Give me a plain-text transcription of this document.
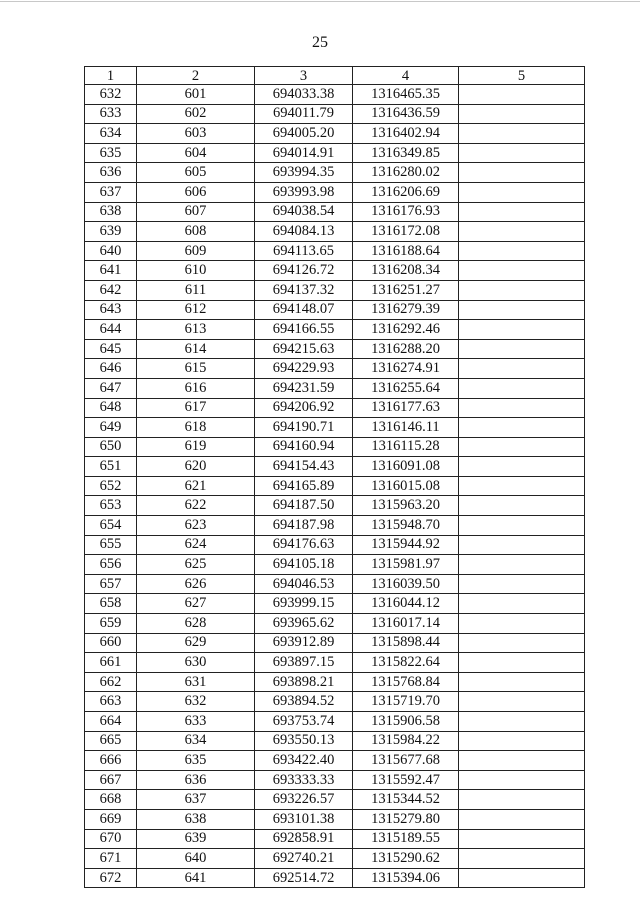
25
1	2	3	4	5
632	601	694033.38	1316465.35	
633	602	694011.79	1316436.59	
634	603	694005.20	1316402.94	
635	604	694014.91	1316349.85	
636	605	693994.35	1316280.02	
637	606	693993.98	1316206.69	
638	607	694038.54	1316176.93	
639	608	694084.13	1316172.08	
640	609	694113.65	1316188.64	
641	610	694126.72	1316208.34	
642	611	694137.32	1316251.27	
643	612	694148.07	1316279.39	
644	613	694166.55	1316292.46	
645	614	694215.63	1316288.20	
646	615	694229.93	1316274.91	
647	616	694231.59	1316255.64	
648	617	694206.92	1316177.63	
649	618	694190.71	1316146.11	
650	619	694160.94	1316115.28	
651	620	694154.43	1316091.08	
652	621	694165.89	1316015.08	
653	622	694187.50	1315963.20	
654	623	694187.98	1315948.70	
655	624	694176.63	1315944.92	
656	625	694105.18	1315981.97	
657	626	694046.53	1316039.50	
658	627	693999.15	1316044.12	
659	628	693965.62	1316017.14	
660	629	693912.89	1315898.44	
661	630	693897.15	1315822.64	
662	631	693898.21	1315768.84	
663	632	693894.52	1315719.70	
664	633	693753.74	1315906.58	
665	634	693550.13	1315984.22	
666	635	693422.40	1315677.68	
667	636	693333.33	1315592.47	
668	637	693226.57	1315344.52	
669	638	693101.38	1315279.80	
670	639	692858.91	1315189.55	
671	640	692740.21	1315290.62	
672	641	692514.72	1315394.06	
